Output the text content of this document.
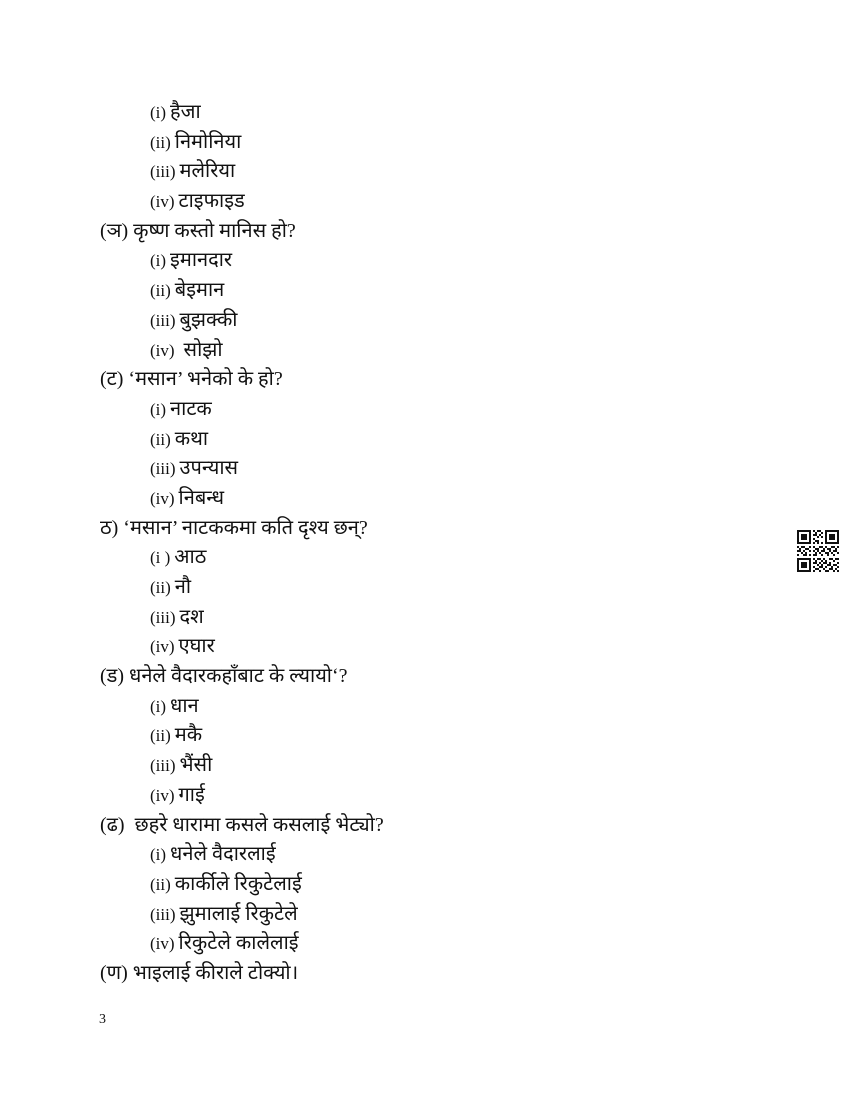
(i) हैजा
(ii) निमोनिया
(iii) मलेरिया
(iv) टाइफाइड
(ञ) कृष्ण कस्तो मानिस हो?
(i) इमानदार
(ii) बेइमान
(iii) बुझक्की
(iv) सोझो
(ट) ‘मसान’ भनेको के हो?
(i) नाटक
(ii) कथा
(iii) उपन्यास
(iv) निबन्ध
ठ) ‘मसान’ नाटककमा कति दृश्य छन्?
(i ) आठ
(ii) नौ
(iii) दश
(iv) एघार
(ड) धनेले वैदारकहाँबाट के ल्यायो‘?
(i) धान
(ii) मकै
(iii) भैंसी
(iv) गाई
(ढ)  छहरे धारामा कसले कसलाई भेट्यो?
(i) धनेले वैदारलाई
(ii) कार्कीले रिकुटेलाई
(iii) झुमालाई रिकुटेले
(iv) रिकुटेले कालेलाई
(ण) भाइलाई कीराले टोक्यो।
3
